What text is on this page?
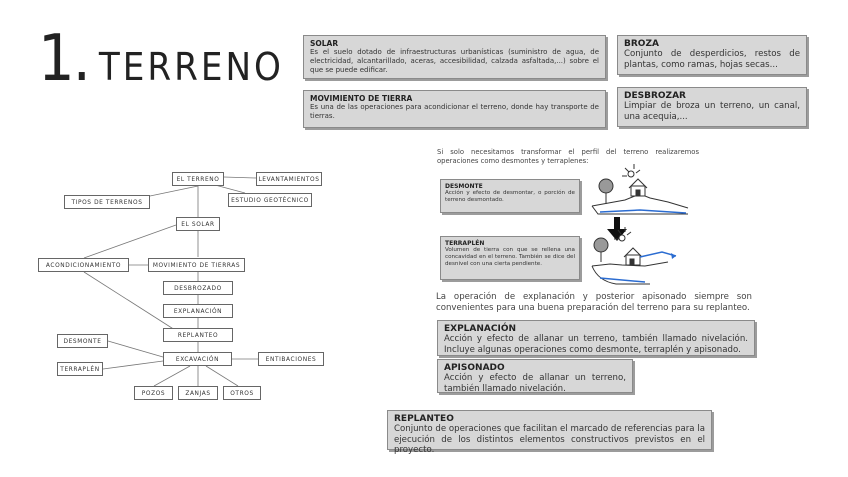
1. TERRENO
SOLAR
Es el suelo dotado de infraestructuras urbanísticas (suministro de agua, de electricidad, alcantarillado, aceras, accesibilidad, calzada asfaltada,...) sobre el que se puede edificar.
MOVIMIENTO DE TIERRA
Es una de las operaciones para acondicionar el terreno, donde hay transporte de tierras.
BROZA
Conjunto de desperdicios, restos de plantas, como ramas, hojas secas...
DESBROZAR
Limpiar de broza un terreno, un canal, una acequia,...
Si solo necesitamos transformar el perfil del terreno realizaremos operaciones como desmontes y terraplenes:
DESMONTE
Acción y efecto de desmontar, o porción de terreno desmontado.
TERRAPLÉN
Volumen de tierra con que se rellena una concavidad en el terreno. También se dice del desnivel con una cierta pendiente.
La operación de explanación y posterior apisonado siempre son convenientes para una buena preparación del terreno para su replanteo.
EXPLANACIÓN
Acción y efecto de allanar un terreno, también llamado nivelación. Incluye algunas operaciones como desmonte, terraplén y apisonado.
APISONADO
Acción y efecto de allanar un terreno, también llamado nivelación.
REPLANTEO
Conjunto de operaciones que facilitan el marcado de referencias para la ejecución de los distintos elementos constructivos previstos en el proyecto.
EL TERRENO	LEVANTAMIENTOS
TIPOS DE TERRENOS	ESTUDIO GEOTÉCNICO
EL SOLAR
ACONDICIONAMIENTO	MOVIMIENTO DE TIERRAS
DESBROZADO
EXPLANACIÓN
REPLANTEO
DESMONTE
EXCAVACIÓN	ENTIBACIONES
TERRAPLÉN
POZOS	ZANJAS	OTROS
